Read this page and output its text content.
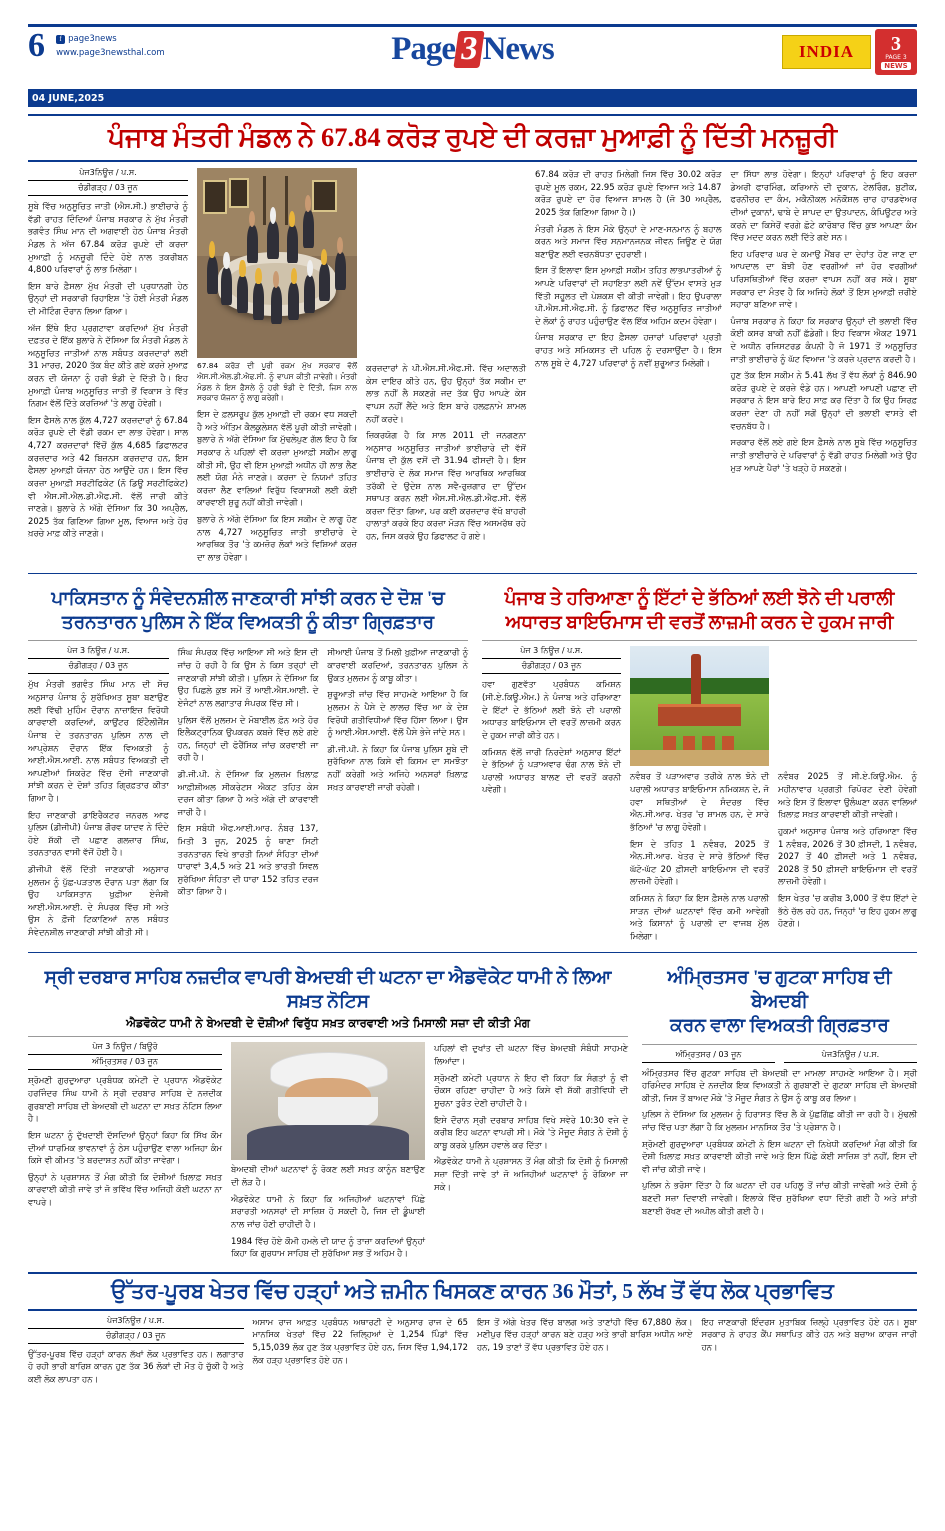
6	f page3news
www.page3newsthal.com	Page 3 News	INDIA	3
PAGE 3
NEWS
04 JUNE,2025
ਪੰਜਾਬ ਮੰਤਰੀ ਮੰਡਲ ਨੇ 67.84 ਕਰੋੜ ਰੁਪਏ ਦੀ ਕਰਜ਼ਾ ਮੁਆਫ਼ੀ ਨੂੰ ਦਿੱਤੀ ਮਨਜ਼ੂਰੀ
ਪੇਜ3ਨਿਊਜ਼ / ਪ.ਸ.
ਚੰਡੀਗੜ੍ਹ / 03 ਜੂਨ

ਸੂਬੇ ਵਿੱਚ ਅਨੁਸੂਚਿਤ ਜਾਤੀ (ਐਸ.ਸੀ.) ਭਾਈਚਾਰੇ ਨੂੰ ਵੱਡੀ ਰਾਹਤ ਦਿੰਦਿਆਂ ਪੰਜਾਬ ਸਰਕਾਰ ਨੇ ਮੁੱਖ ਮੰਤਰੀ ਭਗਵੰਤ ਸਿੰਘ ਮਾਨ ਦੀ ਅਗਵਾਈ ਹੇਠ ਪੰਜਾਬ ਮੰਤਰੀ ਮੰਡਲ ਨੇ ਅੱਜ 67.84 ਕਰੋੜ ਰੁਪਏ ਦੀ ਕਰਜ਼ਾ ਮੁਆਫ਼ੀ ਨੂੰ ਮਨਜ਼ੂਰੀ ਦਿੰਦੇ ਹੋਏ ਨਾਲ ਤਕਰੀਬਨ 4,800 ਪਰਿਵਾਰਾਂ ਨੂੰ ਲਾਭ ਮਿਲੇਗਾ।

ਇਸ ਬਾਰੇ ਫ਼ੈਸਲਾ ਮੁੱਖ ਮੰਤਰੀ ਦੀ ਪ੍ਰਧਾਨਗੀ ਹੇਠ ਉਨ੍ਹਾਂ ਦੀ ਸਰਕਾਰੀ ਰਿਹਾਇਸ਼ 'ਤੇ ਹੋਈ ਮੰਤਰੀ ਮੰਡਲ ਦੀ ਮੀਟਿੰਗ ਦੌਰਾਨ ਲਿਆ ਗਿਆ।

ਅੱਜ ਇੱਥੇ ਇਹ ਪ੍ਰਗਟਾਵਾ ਕਰਦਿਆਂ ਮੁੱਖ ਮੰਤਰੀ ਦਫ਼ਤਰ ਦੇ ਇੱਕ ਬੁਲਾਰੇ ਨੇ ਦੱਸਿਆ ਕਿ ਮੰਤਰੀ ਮੰਡਲ ਨੇ ਅਨੁਸੂਚਿਤ ਜਾਤੀਆਂ ਨਾਲ ਸਬੰਧਤ ਕਰਜ਼ਦਾਰਾਂ ਲਈ 31 ਮਾਰਚ, 2020 ਤੱਕ ਬੰਦ ਕੀਤੇ ਗਏ ਕਰਜ਼ੇ ਮੁਆਫ਼ ਕਰਨ ਦੀ ਯੋਜਨਾ ਨੂੰ ਹਰੀ ਝੰਡੀ ਦੇ ਦਿੱਤੀ ਹੈ। ਇਹ ਮੁਆਫ਼ੀ ਪੰਜਾਬ ਅਨੁਸੂਚਿਤ ਜਾਤੀ ਭੌਂ ਵਿਕਾਸ ਤੇ ਵਿੱਤ ਨਿਗਮ ਵੱਲੋਂ ਦਿੱਤੇ ਕਰਜ਼ਿਆਂ 'ਤੇ ਲਾਗੂ ਹੋਵੇਗੀ।

ਇਸ ਫੈਸਲੇ ਨਾਲ ਕੁੱਲ 4,727 ਕਰਜ਼ਦਾਰਾਂ ਨੂੰ 67.84 ਕਰੋੜ ਰੁਪਏ ਦੀ ਵੱਡੀ ਰਕਮ ਦਾ ਲਾਭ ਹੋਵੇਗਾ। ਸਾਲ 4,727 ਕਰਜ਼ਦਾਰਾਂ ਵਿੱਚੋਂ ਕੁੱਲ 4,685 ਡਿਫਾਲਟਰ ਕਰਜ਼ਦਾਰ ਅਤੇ 42 ਬਿਜ਼ਨਸ ਕਰਜ਼ਦਾਰ ਹਨ, ਇਸ ਫੈਸਲਾ ਮੁਆਫ਼ੀ ਯੋਜਨਾ ਹੇਠ ਆਉਂਦੇ ਹਨ। ਇਸ ਵਿੱਚ ਕਰਜ਼ਾ ਮੁਆਫ਼ੀ ਸਰਟੀਫਿਕੇਟ (ਨੋ ਡਿਊ ਸਰਟੀਫਿਕੇਟ) ਵੀ ਐਸ.ਸੀ.ਐਲ.ਡੀ.ਐਫ.ਸੀ. ਵੱਲੋਂ ਜਾਰੀ ਕੀਤੇ ਜਾਣਗੇ। ਬੁਲਾਰੇ ਨੇ ਅੱਗੇ ਦੱਸਿਆ ਕਿ 30 ਅਪ੍ਰੈਲ, 2025 ਤੱਕ ਗਿਣਿਆ ਗਿਆ ਮੂਲ, ਵਿਆਜ ਅਤੇ ਹੋਰ ਖ਼ਰਚੇ ਮਾਫ਼ ਕੀਤੇ ਜਾਣਗੇ।

67.84 ਕਰੋੜ ਦੀ ਪੂਰੀ ਰਕਮ ਮੁੱਖ ਸਰਕਾਰ ਵੱਲੋਂ ਐਸ.ਸੀ.ਐਲ.ਡੀ.ਐਫ.ਸੀ. ਨੂੰ ਵਾਪਸ ਕੀਤੀ ਜਾਵੇਗੀ। ਮੰਤਰੀ ਮੰਡਲ ਨੇ ਇਸ ਫ਼ੈਸਲੇ ਨੂੰ ਹਰੀ ਝੰਡੀ ਦੇ ਦਿੱਤੀ, ਜਿਸ ਨਾਲ ਸਰਕਾਰ ਯੋਜਨਾ ਨੂੰ ਲਾਗੂ ਕਰੇਗੀ।

ਇਸ ਦੇ ਫ਼ਲਸਰੂਪ ਕੁੱਲ ਮੁਆਫ਼ੀ ਦੀ ਰਕਮ ਵਧ ਸਕਦੀ ਹੈ ਅਤੇ ਅੰਤਿਮ ਕੈਲਕੂਲੇਸ਼ਨ ਵੱਲੋਂ ਪੂਰੀ ਕੀਤੀ ਜਾਵੇਗੀ। ਬੁਲਾਰੇ ਨੇ ਅੱਗੇ ਦੱਸਿਆ ਕਿ ਮੁੱਢਲੇਪੁਣ ਗੱਲ ਇਹ ਹੈ ਕਿ ਸਰਕਾਰ ਨੇ ਪਹਿਲਾਂ ਵੀ ਕਰਜ਼ਾ ਮੁਆਫ਼ੀ ਸਕੀਮ ਲਾਗੂ ਕੀਤੀ ਸੀ, ਉਹ ਵੀ ਇਸ ਮੁਆਫ਼ੀ ਅਧੀਨ ਹੀ ਲਾਭ ਲੈਣ ਲਈ ਯੋਗ ਮੰਨੇ ਜਾਣਗੇ। ਕਰਜ਼ਾ ਦੇ ਨਿਯਮਾਂ ਤਹਿਤ ਕਰਜ਼ਾ ਲੈਣ ਵਾਲਿਆਂ ਵਿਰੁੱਧ ਵਿਕਾਸਕੀ ਲਈ ਕੋਈ ਕਾਰਵਾਈ ਸ਼ੁਰੂ ਨਹੀਂ ਕੀਤੀ ਜਾਵੇਗੀ।

ਬੁਲਾਰੇ ਨੇ ਅੱਗੇ ਦੱਸਿਆ ਕਿ ਇਸ ਸਕੀਮ ਦੇ ਲਾਗੂ ਹੋਣ ਨਾਲ 4,727 ਅਨੁਸੂਚਿਤ ਜਾਤੀ ਭਾਈਚਾਰੇ ਦੇ ਆਰਥਿਕ ਤੌਰ 'ਤੇ ਕਮਜ਼ੋਰ ਲੋਕਾਂ ਅਤੇ ਵਿਸ਼ਿਆਂ ਕਰਜ਼ ਦਾ ਲਾਭ ਹੋਵੇਗਾ।

ਕਰਜ਼ਦਾਰਾਂ ਨੇ ਪੀ.ਐਸ.ਸੀ.ਐਫ.ਸੀ. ਵਿੱਚ ਅਦਾਲਤੀ ਕੇਸ ਦਾਇਰ ਕੀਤੇ ਹਨ, ਉਹ ਉਨ੍ਹਾਂ ਤੱਕ ਸਕੀਮ ਦਾ ਲਾਭ ਨਹੀਂ ਲੈ ਸਕਣਗੇ ਜਦ ਤੱਕ ਉਹ ਆਪਣੇ ਕੇਸ ਵਾਪਸ ਨਹੀਂ ਲੈਂਦੇ ਅਤੇ ਇਸ ਬਾਰੇ ਹਲਫ਼ਨਾਮੇ ਸ਼ਾਮਲ ਨਹੀਂ ਕਰਦੇ।

ਜ਼ਿਕਰਯੋਗ ਹੈ ਕਿ ਸਾਲ 2011 ਦੀ ਜਨਗਣਨਾ ਅਨੁਸਾਰ ਅਨੁਸੂਚਿਤ ਜਾਤੀਆਂ ਭਾਈਚਾਰੇ ਦੀ ਵੱਸੋਂ ਪੰਜਾਬ ਦੀ ਕੁੱਲ ਵਸੋਂ ਦੀ 31.94 ਫੀਸਦੀ ਹੈ। ਇਸ ਭਾਈਚਾਰੇ ਦੇ ਲੋਕ ਸਮਾਜ ਵਿੱਚ ਆਰਥਿਕ ਆਰਥਿਕ ਤਰੱਕੀ ਦੇ ਉਦੇਸ਼ ਨਾਲ ਸਵੈ-ਰੁਜ਼ਗਾਰ ਦਾ ਉੱਦਮ ਸਥਾਪਤ ਕਰਨ ਲਈ ਐਸ.ਸੀ.ਐਲ.ਡੀ.ਐਫ.ਸੀ. ਵੱਲੋਂ ਕਰਜ਼ਾ ਦਿੱਤਾ ਗਿਆ, ਪਰ ਕਈ ਕਰਜ਼ਦਾਰ ਵੱਖੋ ਬਾਹਰੀ ਹਾਲਾਤਾਂ ਕਰਕੇ ਇਹ ਕਰਜ਼ਾ ਮੋੜਨ ਵਿੱਚ ਅਸਮਰੱਥ ਰਹੇ ਹਨ, ਜਿਸ ਕਰਕੇ ਉਹ ਡਿਫਾਲਟ ਹੋ ਗਏ।

67.84 ਕਰੋੜ ਦੀ ਰਾਹਤ ਮਿਲੇਗੀ ਜਿਸ ਵਿੱਚ 30.02 ਕਰੋੜ ਰੁਪਏ ਮੂਲ ਰਕਮ, 22.95 ਕਰੋੜ ਰੁਪਏ ਵਿਆਜ ਅਤੇ 14.87 ਕਰੋੜ ਰੁਪਏ ਦਾ ਹੋਰ ਵਿਆਜ ਸ਼ਾਮਲ ਹੈ (ਜੋ 30 ਅਪ੍ਰੈਲ, 2025 ਤੱਕ ਗਿਣਿਆ ਗਿਆ ਹੈ।)

ਮੰਤਰੀ ਮੰਡਲ ਨੇ ਇਸ ਮੌਕੇ ਉਨ੍ਹਾਂ ਦੇ ਮਾਣ-ਸਨਮਾਨ ਨੂੰ ਬਹਾਲ ਕਰਨ ਅਤੇ ਸਮਾਜ ਵਿੱਚ ਸਨਮਾਨਜਨਕ ਜੀਵਨ ਜਿਊਣ ਦੇ ਯੋਗ ਬਣਾਉਣ ਲਈ ਵਚਨਬੱਧਤਾ ਦੁਹਰਾਈ।

ਇਸ ਤੋਂ ਇਲਾਵਾ ਇਸ ਮੁਆਫ਼ੀ ਸਕੀਮ ਤਹਿਤ ਲਾਭਪਾਤਰੀਆਂ ਨੂੰ ਆਪਣੇ ਪਰਿਵਾਰਾਂ ਦੀ ਸਹਾਇਤਾ ਲਈ ਨਵੇਂ ਉੱਦਮ ਵਾਸਤੇ ਮੁੜ ਵਿੱਤੀ ਸਹੂਲਤ ਦੀ ਪੇਸ਼ਕਸ਼ ਵੀ ਕੀਤੀ ਜਾਵੇਗੀ। ਇਹ ਉਪਰਾਲਾ ਪੀ.ਐਸ.ਸੀ.ਐਫ.ਸੀ. ਨੂੰ ਡਿਫਾਲਟ ਵਿੱਚ ਅਨੁਸੂਚਿਤ ਜਾਤੀਆਂ ਦੇ ਲੋਕਾਂ ਨੂੰ ਰਾਹਤ ਪਹੁੰਚਾਉਣ ਵੱਲ ਇੱਕ ਅਹਿਮ ਕਦਮ ਹੋਵੇਗਾ।

ਪੰਜਾਬ ਸਰਕਾਰ ਦਾ ਇਹ ਫ਼ੈਸਲਾ ਹਜ਼ਾਰਾਂ ਪਰਿਵਾਰਾਂ ਪ੍ਰਤੀ ਰਾਹਤ ਅਤੇ ਸਮਿਕਸਤ ਦੀ ਪਹਿਲ ਨੂੰ ਦਰਸਾਉਂਦਾ ਹੈ। ਇਸ ਨਾਲ ਸੂਬੇ ਦੇ 4,727 ਪਰਿਵਾਰਾਂ ਨੂੰ ਨਵੀਂ ਸ਼ੁਰੂਆਤ ਮਿਲੇਗੀ।

ਦਾ ਸਿੱਧਾ ਲਾਭ ਹੋਵੇਗਾ। ਇਨ੍ਹਾਂ ਪਰਿਵਾਰਾਂ ਨੂੰ ਇਹ ਕਰਜ਼ਾ ਡੇਅਰੀ ਫਾਰਮਿੰਗ, ਕਰਿਆਨੇ ਦੀ ਦੁਕਾਨ, ਟੇਲਰਿੰਗ, ਬੁਟੀਕ, ਫਰਨੀਚਰ ਦਾ ਕੰਮ, ਮਕੈਨੀਕਲ ਮਨੋਕੌਸ਼ਲ ਚਾਰ ਹਾਰਡਵੇਅਰ ਦੀਆਂ ਦੁਕਾਨਾਂ, ਢਾਬੇ ਦੇ ਸ਼ਾਪਦ ਦਾ ਉਤਪਾਦਨ, ਕੰਪਿਊਟਰ ਅਤੇ ਕਰਨੇ ਦਾ ਕਿਸੇਰੋਂ ਵਰਗੇ ਛੋਟੇ ਕਾਰੋਬਾਰ ਵਿੱਚ ਕੁਝ ਆਪਣਾ ਕੰਮ ਵਿੱਚ ਮਦਦ ਕਰਨ ਲਈ ਦਿੱਤੇ ਗਏ ਸਨ।

ਇਹ ਪਰਿਵਾਰ ਘਰ ਦੇ ਕਮਾਉ ਮੈਂਬਰ ਦਾ ਦੇਹਾਂਤ ਹੋਣ ਜਾਣ ਦਾ ਆਪਦਾਲ ਦਾ ਬੋਝੀ ਹੋਣ ਵਰਗੀਆਂ ਜਾਂ ਹੋਰ ਵਰਗੀਆਂ ਪਰਿਸਥਿਤੀਆਂ ਵਿੱਚ ਕਰਜ਼ਾ ਵਾਪਸ ਨਹੀਂ ਕਰ ਸਕੇ। ਸੂਬਾ ਸਰਕਾਰ ਦਾ ਮੰਤਵ ਹੈ ਕਿ ਅਜਿਹੇ ਲੋਕਾਂ ਤੋਂ ਇਸ ਮੁਆਫ਼ੀ ਜ਼ਰੀਏ ਸਹਾਰਾ ਬਣਿਆ ਜਾਵੇ।

ਪੰਜਾਬ ਸਰਕਾਰ ਨੇ ਕਿਹਾ ਕਿ ਸਰਕਾਰ ਉਨ੍ਹਾਂ ਦੀ ਭਲਾਈ ਵਿੱਚ ਕੋਈ ਕਸਰ ਬਾਕੀ ਨਹੀਂ ਛੱਡੇਗੀ। ਇਹ ਵਿਕਾਸ ਐਕਟ 1971 ਦੇ ਅਧੀਨ ਰਜਿਸਟਰਡ ਕੰਪਨੀ ਹੈ ਜੋ 1971 ਤੋਂ ਅਨੁਸੂਚਿਤ ਜਾਤੀ ਭਾਈਚਾਰੇ ਨੂੰ ਘੱਟ ਵਿਆਜ 'ਤੇ ਕਰਜ਼ੇ ਪ੍ਰਦਾਨ ਕਰਦੀ ਹੈ।

ਹੁਣ ਤੱਕ ਇਸ ਸਕੀਮ ਨੇ 5.41 ਲੱਖ ਤੋਂ ਵੱਧ ਲੋਕਾਂ ਨੂੰ 846.90 ਕਰੋੜ ਰੁਪਏ ਦੇ ਕਰਜ਼ੇ ਵੰਡੇ ਹਨ। ਆਪਣੀ ਆਪਣੀ ਪਛਾਣ ਦੀ ਸਰਕਾਰ ਨੇ ਇਸ ਬਾਰੇ ਇਹ ਸਾਫ਼ ਕਰ ਦਿੱਤਾ ਹੈ ਕਿ ਉਹ ਸਿਰਫ਼ ਕਰਜ਼ਾ ਦੇਣਾ ਹੀ ਨਹੀਂ ਸਗੋਂ ਉਨ੍ਹਾਂ ਦੀ ਭਲਾਈ ਵਾਸਤੇ ਵੀ ਵਚਨਬੱਧ ਹੈ।

ਸਰਕਾਰ ਵੱਲੋਂ ਲਏ ਗਏ ਇਸ ਫ਼ੈਸਲੇ ਨਾਲ ਸੂਬੇ ਵਿੱਚ ਅਨੁਸੂਚਿਤ ਜਾਤੀ ਭਾਈਚਾਰੇ ਦੇ ਪਰਿਵਾਰਾਂ ਨੂੰ ਵੱਡੀ ਰਾਹਤ ਮਿਲੇਗੀ ਅਤੇ ਉਹ ਮੁੜ ਆਪਣੇ ਪੈਰਾਂ 'ਤੇ ਖੜ੍ਹੇ ਹੋ ਸਕਣਗੇ।

ਪਾਕਿਸਤਾਨ ਨੂੰ ਸੰਵੇਦਨਸ਼ੀਲ ਜਾਣਕਾਰੀ ਸਾਂਝੀ ਕਰਨ ਦੇ ਦੋਸ਼ 'ਚ
ਤਰਨਤਾਰਨ ਪੁਲਿਸ ਨੇ ਇੱਕ ਵਿਅਕਤੀ ਨੂੰ ਕੀਤਾ ਗ੍ਰਿਫ਼ਤਾਰ
ਪੇਜ 3 ਨਿਊਜ਼ / ਪ.ਸ.
ਚੰਡੀਗੜ੍ਹ / 03 ਜੂਨ

ਮੁੱਖ ਮੰਤਰੀ ਭਗਵੰਤ ਸਿੰਘ ਮਾਨ ਦੀ ਸੋਚ ਅਨੁਸਾਰ ਪੰਜਾਬ ਨੂੰ ਸੁਰੱਖਿਅਤ ਸੂਬਾ ਬਣਾਉਣ ਲਈ ਵਿੱਢੀ ਮੁਹਿੰਮ ਦੌਰਾਨ ਨਾਜ਼ਾਇਜ਼ ਵਿਰੋਧੀ ਕਾਰਵਾਈ ਕਰਦਿਆਂ, ਕਾਉਂਟਰ ਇੰਟੈਲੀਜੈਂਸ ਪੰਜਾਬ ਦੇ ਤਰਨਤਾਰਨ ਪੁਲਿਸ ਨਾਲ ਦੀ ਆਪ੍ਰੇਸ਼ਨ ਦੌਰਾਨ ਇੱਕ ਵਿਅਕਤੀ ਨੂੰ ਆਈ.ਐਸ.ਆਈ. ਨਾਲ ਸਬੰਧਤ ਵਿਅਕਤੀ ਦੀ ਆਪਣੀਆਂ ਸਿਕਰੇਟ ਵਿੱਚ ਦੱਸੀ ਜਾਣਕਾਰੀ ਸਾਂਝੀ ਕਰਨ ਦੇ ਦੋਸ਼ਾਂ ਤਹਿਤ ਗ੍ਰਿਫ਼ਤਾਰ ਕੀਤਾ ਗਿਆ ਹੈ।

ਇਹ ਜਾਣਕਾਰੀ ਡਾਇਰੈਕਟਰ ਜਨਰਲ ਆਫ ਪੁਲਿਸ (ਡੀਜੀਪੀ) ਪੰਜਾਬ ਗੌਰਵ ਯਾਦਵ ਨੇ ਦਿੰਦੇ ਹੋਏ ਸ਼ੱਕੀ ਦੀ ਪਛਾਣ ਗਲਜ਼ਾਰ ਸਿੰਘ, ਤਰਨਤਾਰਨ ਵਾਸੀ ਵੱਜੋਂ ਹੋਈ ਹੈ।

ਡੀਜੀਪੀ ਵੱਲੋਂ ਦਿੱਤੀ ਜਾਣਕਾਰੀ ਅਨੁਸਾਰ ਮੁਲਜ਼ਮ ਨੂੰ ਪੁੱਛ-ਪੜਤਾਲ ਦੌਰਾਨ ਪਤਾ ਲੱਗਾ ਕਿ ਉਹ ਪਾਕਿਸਤਾਨ ਖੁਫ਼ੀਆ ਏਜੰਸੀ ਆਈ.ਐਸ.ਆਈ. ਦੇ ਸੰਪਰਕ ਵਿੱਚ ਸੀ ਅਤੇ ਉਸ ਨੇ ਫ਼ੌਜੀ ਟਿਕਾਣਿਆਂ ਨਾਲ ਸਬੰਧਤ ਸੰਵੇਦਨਸ਼ੀਲ ਜਾਣਕਾਰੀ ਸਾਂਝੀ ਕੀਤੀ ਸੀ।

ਸਿੰਘ ਸੰਪਰਕ ਵਿੱਚ ਆਇਆ ਸੀ ਅਤੇ ਇਸ ਦੀ ਜਾਂਚ ਹੋ ਰਹੀ ਹੈ ਕਿ ਉਸ ਨੇ ਕਿਸ ਤਰ੍ਹਾਂ ਦੀ ਜਾਣਕਾਰੀ ਸਾਂਝੀ ਕੀਤੀ। ਪੁਲਿਸ ਨੇ ਦੱਸਿਆ ਕਿ ਉਹ ਪਿਛਲੇ ਕੁਝ ਸਮੇਂ ਤੋਂ ਆਈ.ਐਸ.ਆਈ. ਦੇ ਏਜੰਟਾਂ ਨਾਲ ਲਗਾਤਾਰ ਸੰਪਰਕ ਵਿੱਚ ਸੀ।

ਪੁਲਿਸ ਵੱਲੋਂ ਮੁਲਜ਼ਮ ਦੇ ਮੋਬਾਈਲ ਫ਼ੋਨ ਅਤੇ ਹੋਰ ਇਲੈਕਟ੍ਰਾਨਿਕ ਉਪਕਰਨ ਕਬਜ਼ੇ ਵਿੱਚ ਲਏ ਗਏ ਹਨ, ਜਿਨ੍ਹਾਂ ਦੀ ਫੋਰੈਂਸਿਕ ਜਾਂਚ ਕਰਵਾਈ ਜਾ ਰਹੀ ਹੈ।

ਡੀ.ਜੀ.ਪੀ. ਨੇ ਦੱਸਿਆ ਕਿ ਮੁਲਜ਼ਮ ਖ਼ਿਲਾਫ਼ ਆਫ਼ੀਸ਼ੀਅਲ ਸੀਕਰੇਟਸ ਐਕਟ ਤਹਿਤ ਕੇਸ ਦਰਜ ਕੀਤਾ ਗਿਆ ਹੈ ਅਤੇ ਅੱਗੇ ਦੀ ਕਾਰਵਾਈ ਜਾਰੀ ਹੈ।

ਇਸ ਸਬੰਧੀ ਐਫ.ਆਈ.ਆਰ. ਨੰਬਰ 137, ਮਿਤੀ 3 ਜੂਨ, 2025 ਨੂੰ ਥਾਣਾ ਸਿਟੀ ਤਰਨਤਾਰਨ ਵਿਖੇ ਭਾਰਤੀ ਨਿਆਂ ਸੰਹਿਤਾ ਦੀਆਂ ਧਾਰਾਵਾਂ 3,4,5 ਅਤੇ 21 ਅਤੇ ਭਾਰਤੀ ਸਿਵਲ ਸੁਰੱਖਿਆ ਸੰਹਿਤਾ ਦੀ ਧਾਰਾ 152 ਤਹਿਤ ਦਰਜ ਕੀਤਾ ਗਿਆ ਹੈ।

ਸੀਆਈ ਪੰਜਾਬ ਤੋਂ ਮਿਲੀ ਖ਼ੁਫ਼ੀਆ ਜਾਣਕਾਰੀ ਨੂੰ ਕਾਰਵਾਈ ਕਰਦਿਆਂ, ਤਰਨਤਾਰਨ ਪੁਲਿਸ ਨੇ ਉਕਤ ਮੁਲਜ਼ਮ ਨੂੰ ਕਾਬੂ ਕੀਤਾ।

ਸ਼ੁਰੂਆਤੀ ਜਾਂਚ ਵਿੱਚ ਸਾਹਮਣੇ ਆਇਆ ਹੈ ਕਿ ਮੁਲਜ਼ਮ ਨੇ ਪੈਸੇ ਦੇ ਲਾਲਚ ਵਿੱਚ ਆ ਕੇ ਦੇਸ਼ ਵਿਰੋਧੀ ਗਤੀਵਿਧੀਆਂ ਵਿੱਚ ਹਿੱਸਾ ਲਿਆ। ਉਸ ਨੂੰ ਆਈ.ਐਸ.ਆਈ. ਵੱਲੋਂ ਪੈਸੇ ਭੇਜੇ ਜਾਂਦੇ ਸਨ।

ਡੀ.ਜੀ.ਪੀ. ਨੇ ਕਿਹਾ ਕਿ ਪੰਜਾਬ ਪੁਲਿਸ ਸੂਬੇ ਦੀ ਸੁਰੱਖਿਆ ਨਾਲ ਕਿਸੇ ਵੀ ਕਿਸਮ ਦਾ ਸਮਝੌਤਾ ਨਹੀਂ ਕਰੇਗੀ ਅਤੇ ਅਜਿਹੇ ਅਨਸਰਾਂ ਖ਼ਿਲਾਫ਼ ਸਖ਼ਤ ਕਾਰਵਾਈ ਜਾਰੀ ਰਹੇਗੀ।

ਪੰਜਾਬ ਤੇ ਹਰਿਆਣਾ ਨੂੰ ਇੱਟਾਂ ਦੇ ਭੱਠਿਆਂ ਲਈ ਝੋਨੇ ਦੀ ਪਰਾਲੀ
ਅਧਾਰਤ ਬਾਇਓਮਾਸ ਦੀ ਵਰਤੋਂ ਲਾਜ਼ਮੀ ਕਰਨ ਦੇ ਹੁਕਮ ਜਾਰੀ
ਪੇਜ 3 ਨਿਊਜ਼ / ਪ.ਸ.
ਚੰਡੀਗੜ੍ਹ / 03 ਜੂਨ

ਹਵਾ ਗੁਣਵੱਤਾ ਪ੍ਰਬੰਧਨ ਕਮਿਸ਼ਨ (ਸੀ.ਏ.ਕਿਊ.ਐਮ.) ਨੇ ਪੰਜਾਬ ਅਤੇ ਹਰਿਆਣਾ ਦੇ ਇੱਟਾਂ ਦੇ ਭੱਠਿਆਂ ਲਈ ਝੋਨੇ ਦੀ ਪਰਾਲੀ ਅਧਾਰਤ ਬਾਇਓਮਾਸ ਦੀ ਵਰਤੋਂ ਲਾਜ਼ਮੀ ਕਰਨ ਦੇ ਹੁਕਮ ਜਾਰੀ ਕੀਤੇ ਹਨ।

ਕਮਿਸ਼ਨ ਵੱਲੋਂ ਜਾਰੀ ਨਿਰਦੇਸ਼ਾਂ ਅਨੁਸਾਰ ਇੱਟਾਂ ਦੇ ਭੱਠਿਆਂ ਨੂੰ ਪੜਾਅਵਾਰ ਢੰਗ ਨਾਲ ਝੋਨੇ ਦੀ ਪਰਾਲੀ ਅਧਾਰਤ ਬਾਲਣ ਦੀ ਵਰਤੋਂ ਕਰਨੀ ਪਵੇਗੀ।

ਨਵੰਬਰ ਤੋਂ ਪੜਾਅਵਾਰ ਤਰੀਕੇ ਨਾਲ ਝੋਨੇ ਦੀ ਪਰਾਲੀ ਅਧਾਰਤ ਬਾਇਓਮਾਸ ਨਮਿਕਸ਼ਨ ਦੇ, ਜੋ ਹਵਾ ਸਥਿਤੀਆਂ ਦੇ ਸੰਦਰਭ ਵਿੱਚ ਐਨ.ਸੀ.ਆਰ. ਖੇਤਰ 'ਚ ਸ਼ਾਮਲ ਹਨ, ਦੇ ਸਾਰੇ ਭੱਠਿਆਂ 'ਚ ਲਾਗੂ ਹੋਵੇਗੀ।

ਇਸ ਦੇ ਤਹਿਤ 1 ਨਵੰਬਰ, 2025 ਤੋਂ ਐਨ.ਸੀ.ਆਰ. ਖੇਤਰ ਦੇ ਸਾਰੇ ਭੱਠਿਆਂ ਵਿੱਚ ਘੱਟੋ-ਘੱਟ 20 ਫ਼ੀਸਦੀ ਬਾਇਓਮਾਸ ਦੀ ਵਰਤੋਂ ਲਾਜ਼ਮੀ ਹੋਵੇਗੀ।

ਕਮਿਸ਼ਨ ਨੇ ਕਿਹਾ ਕਿ ਇਸ ਫ਼ੈਸਲੇ ਨਾਲ ਪਰਾਲੀ ਸਾੜਨ ਦੀਆਂ ਘਟਨਾਵਾਂ ਵਿੱਚ ਕਮੀ ਆਵੇਗੀ ਅਤੇ ਕਿਸਾਨਾਂ ਨੂੰ ਪਰਾਲੀ ਦਾ ਵਾਜਬ ਮੁੱਲ ਮਿਲੇਗਾ।

ਨਵੰਬਰ 2025 ਤੋਂ ਸੀ.ਏ.ਕਿਊ.ਐਮ. ਨੂੰ ਮਹੀਨਾਵਾਰ ਪ੍ਰਗਤੀ ਰਿਪੋਰਟ ਦੇਣੀ ਹੋਵੇਗੀ ਅਤੇ ਇਸ ਤੋਂ ਇਲਾਵਾ ਉਲੰਘਣਾ ਕਰਨ ਵਾਲਿਆਂ ਖ਼ਿਲਾਫ਼ ਸਖ਼ਤ ਕਾਰਵਾਈ ਕੀਤੀ ਜਾਵੇਗੀ।

ਹੁਕਮਾਂ ਅਨੁਸਾਰ ਪੰਜਾਬ ਅਤੇ ਹਰਿਆਣਾ ਵਿੱਚ 1 ਨਵੰਬਰ, 2026 ਤੋਂ 30 ਫ਼ੀਸਦੀ, 1 ਨਵੰਬਰ, 2027 ਤੋਂ 40 ਫ਼ੀਸਦੀ ਅਤੇ 1 ਨਵੰਬਰ, 2028 ਤੋਂ 50 ਫ਼ੀਸਦੀ ਬਾਇਓਮਾਸ ਦੀ ਵਰਤੋਂ ਲਾਜ਼ਮੀ ਹੋਵੇਗੀ।

ਇਸ ਖੇਤਰ 'ਚ ਕਰੀਬ 3,000 ਤੋਂ ਵੱਧ ਇੱਟਾਂ ਦੇ ਭੱਠੇ ਚੱਲ ਰਹੇ ਹਨ, ਜਿਨ੍ਹਾਂ 'ਚ ਇਹ ਹੁਕਮ ਲਾਗੂ ਹੋਣਗੇ।

ਸ੍ਰੀ ਦਰਬਾਰ ਸਾਹਿਬ ਨਜ਼ਦੀਕ ਵਾਪਰੀ ਬੇਅਦਬੀ ਦੀ ਘਟਨਾ ਦਾ ਐਡਵੋਕੇਟ ਧਾਮੀ ਨੇ ਲਿਆ ਸਖ਼ਤ ਨੋਟਿਸ
ਐਡਵੋਕੇਟ ਧਾਮੀ ਨੇ ਬੇਅਦਬੀ ਦੇ ਦੋਸ਼ੀਆਂ ਵਿਰੁੱਧ ਸਖ਼ਤ ਕਾਰਵਾਈ ਅਤੇ ਮਿਸਾਲੀ ਸਜ਼ਾ ਦੀ ਕੀਤੀ ਮੰਗ
ਪੇਜ 3 ਨਿਊਜ਼ / ਬਿਊਰੋ
ਅੰਮ੍ਰਿਤਸਰ / 03 ਜੂਨ

ਸ਼੍ਰੋਮਣੀ ਗੁਰਦੁਆਰਾ ਪ੍ਰਬੰਧਕ ਕਮੇਟੀ ਦੇ ਪ੍ਰਧਾਨ ਐਡਵੋਕੇਟ ਹਰਜਿੰਦਰ ਸਿੰਘ ਧਾਮੀ ਨੇ ਸ੍ਰੀ ਦਰਬਾਰ ਸਾਹਿਬ ਦੇ ਨਜ਼ਦੀਕ ਗੁਰਬਾਣੀ ਸਾਹਿਬ ਦੀ ਬੇਅਦਬੀ ਦੀ ਘਟਨਾ ਦਾ ਸਖ਼ਤ ਨੋਟਿਸ ਲਿਆ ਹੈ।

ਇਸ ਘਟਨਾ ਨੂੰ ਦੁੱਖਦਾਈ ਦੱਸਦਿਆਂ ਉਨ੍ਹਾਂ ਕਿਹਾ ਕਿ ਸਿੱਖ ਕੌਮ ਦੀਆਂ ਧਾਰਮਿਕ ਭਾਵਨਾਵਾਂ ਨੂੰ ਠੇਸ ਪਹੁੰਚਾਉਣ ਵਾਲਾ ਅਜਿਹਾ ਕੰਮ ਕਿਸੇ ਵੀ ਕੀਮਤ 'ਤੇ ਬਰਦਾਸ਼ਤ ਨਹੀਂ ਕੀਤਾ ਜਾਵੇਗਾ।

ਉਨ੍ਹਾਂ ਨੇ ਪ੍ਰਸ਼ਾਸਨ ਤੋਂ ਮੰਗ ਕੀਤੀ ਕਿ ਦੋਸ਼ੀਆਂ ਖ਼ਿਲਾਫ਼ ਸਖ਼ਤ ਕਾਰਵਾਈ ਕੀਤੀ ਜਾਵੇ ਤਾਂ ਜੋ ਭਵਿੱਖ ਵਿੱਚ ਅਜਿਹੀ ਕੋਈ ਘਟਨਾ ਨਾ ਵਾਪਰੇ।

ਬੇਅਦਬੀ ਦੀਆਂ ਘਟਨਾਵਾਂ ਨੂੰ ਰੋਕਣ ਲਈ ਸਖ਼ਤ ਕਾਨੂੰਨ ਬਣਾਉਣ ਦੀ ਲੋੜ ਹੈ।

ਐਡਵੋਕੇਟ ਧਾਮੀ ਨੇ ਕਿਹਾ ਕਿ ਅਜਿਹੀਆਂ ਘਟਨਾਵਾਂ ਪਿੱਛੇ ਸ਼ਰਾਰਤੀ ਅਨਸਰਾਂ ਦੀ ਸਾਜ਼ਿਸ਼ ਹੋ ਸਕਦੀ ਹੈ, ਜਿਸ ਦੀ ਡੂੰਘਾਈ ਨਾਲ ਜਾਂਚ ਹੋਣੀ ਚਾਹੀਦੀ ਹੈ।

1984 ਵਿੱਚ ਹੋਏ ਕੌਮੀ ਹਮਲੇ ਦੀ ਯਾਦ ਨੂੰ ਤਾਜ਼ਾ ਕਰਦਿਆਂ ਉਨ੍ਹਾਂ ਕਿਹਾ ਕਿ ਗੁਰਧਾਮ ਸਾਹਿਬ ਦੀ ਸੁਰੱਖਿਆ ਸਭ ਤੋਂ ਅਹਿਮ ਹੈ।

ਪਹਿਲਾਂ ਵੀ ਦੁਖਾਂਤ ਦੀ ਘਟਨਾ ਵਿੱਚ ਬੇਅਦਬੀ ਸੰਬੰਧੀ ਸਾਹਮਣੇ ਲਿਆਂਦਾ।

ਸ਼੍ਰੋਮਣੀ ਕਮੇਟੀ ਪ੍ਰਧਾਨ ਨੇ ਇਹ ਵੀ ਕਿਹਾ ਕਿ ਸੰਗਤਾਂ ਨੂੰ ਵੀ ਚੌਕਸ ਰਹਿਣਾ ਚਾਹੀਦਾ ਹੈ ਅਤੇ ਕਿਸੇ ਵੀ ਸ਼ੱਕੀ ਗਤੀਵਿਧੀ ਦੀ ਸੂਚਨਾ ਤੁਰੰਤ ਦੇਣੀ ਚਾਹੀਦੀ ਹੈ।

ਇਸੇ ਦੌਰਾਨ ਸ੍ਰੀ ਦਰਬਾਰ ਸਾਹਿਬ ਵਿਖੇ ਸਵੇਰੇ 10:30 ਵਜੇ ਦੇ ਕਰੀਬ ਇਹ ਘਟਨਾ ਵਾਪਰੀ ਸੀ। ਮੌਕੇ 'ਤੇ ਮੌਜੂਦ ਸੰਗਤ ਨੇ ਦੋਸ਼ੀ ਨੂੰ ਕਾਬੂ ਕਰਕੇ ਪੁਲਿਸ ਹਵਾਲੇ ਕਰ ਦਿੱਤਾ।

ਐਡਵੋਕੇਟ ਧਾਮੀ ਨੇ ਪ੍ਰਸ਼ਾਸਨ ਤੋਂ ਮੰਗ ਕੀਤੀ ਕਿ ਦੋਸ਼ੀ ਨੂੰ ਮਿਸਾਲੀ ਸਜ਼ਾ ਦਿੱਤੀ ਜਾਵੇ ਤਾਂ ਜੋ ਅਜਿਹੀਆਂ ਘਟਨਾਵਾਂ ਨੂੰ ਰੋਕਿਆ ਜਾ ਸਕੇ।

ਅੰਮ੍ਰਿਤਸਰ 'ਚ ਗੁਟਕਾ ਸਾਹਿਬ ਦੀ ਬੇਅਦਬੀ
ਕਰਨ ਵਾਲਾ ਵਿਅਕਤੀ ਗ੍ਰਿਫ਼ਤਾਰ
ਅੰਮ੍ਰਿਤਸਰ / 03 ਜੂਨ	ਪੇਜ3ਨਿਊਜ਼ / ਪ.ਸ.

ਅੰਮ੍ਰਿਤਸਰ ਵਿੱਚ ਗੁਟਕਾ ਸਾਹਿਬ ਦੀ ਬੇਅਦਬੀ ਦਾ ਮਾਮਲਾ ਸਾਹਮਣੇ ਆਇਆ ਹੈ। ਸ੍ਰੀ ਹਰਿਮੰਦਰ ਸਾਹਿਬ ਦੇ ਨਜ਼ਦੀਕ ਇਕ ਵਿਅਕਤੀ ਨੇ ਗੁਰਬਾਣੀ ਦੇ ਗੁਟਕਾ ਸਾਹਿਬ ਦੀ ਬੇਅਦਬੀ ਕੀਤੀ, ਜਿਸ ਤੋਂ ਬਾਅਦ ਮੌਕੇ 'ਤੇ ਮੌਜੂਦ ਸੰਗਤ ਨੇ ਉਸ ਨੂੰ ਕਾਬੂ ਕਰ ਲਿਆ।

ਪੁਲਿਸ ਨੇ ਦੱਸਿਆ ਕਿ ਮੁਲਜ਼ਮ ਨੂੰ ਹਿਰਾਸਤ ਵਿੱਚ ਲੈ ਕੇ ਪੁੱਛਗਿੱਛ ਕੀਤੀ ਜਾ ਰਹੀ ਹੈ। ਮੁੱਢਲੀ ਜਾਂਚ ਵਿੱਚ ਪਤਾ ਲੱਗਾ ਹੈ ਕਿ ਮੁਲਜ਼ਮ ਮਾਨਸਿਕ ਤੌਰ 'ਤੇ ਪ੍ਰੇਸ਼ਾਨ ਹੈ।

ਸ਼੍ਰੋਮਣੀ ਗੁਰਦੁਆਰਾ ਪ੍ਰਬੰਧਕ ਕਮੇਟੀ ਨੇ ਇਸ ਘਟਨਾ ਦੀ ਨਿਖੇਧੀ ਕਰਦਿਆਂ ਮੰਗ ਕੀਤੀ ਕਿ ਦੋਸ਼ੀ ਖ਼ਿਲਾਫ਼ ਸਖ਼ਤ ਕਾਰਵਾਈ ਕੀਤੀ ਜਾਵੇ ਅਤੇ ਇਸ ਪਿੱਛੇ ਕੋਈ ਸਾਜ਼ਿਸ਼ ਤਾਂ ਨਹੀਂ, ਇਸ ਦੀ ਵੀ ਜਾਂਚ ਕੀਤੀ ਜਾਵੇ।

ਪੁਲਿਸ ਨੇ ਭਰੋਸਾ ਦਿੱਤਾ ਹੈ ਕਿ ਘਟਨਾ ਦੀ ਹਰ ਪਹਿਲੂ ਤੋਂ ਜਾਂਚ ਕੀਤੀ ਜਾਵੇਗੀ ਅਤੇ ਦੋਸ਼ੀ ਨੂੰ ਬਣਦੀ ਸਜ਼ਾ ਦਿਵਾਈ ਜਾਵੇਗੀ। ਇਲਾਕੇ ਵਿੱਚ ਸੁਰੱਖਿਆ ਵਧਾ ਦਿੱਤੀ ਗਈ ਹੈ ਅਤੇ ਸ਼ਾਂਤੀ ਬਣਾਈ ਰੱਖਣ ਦੀ ਅਪੀਲ ਕੀਤੀ ਗਈ ਹੈ।

ਉੱਤਰ-ਪੂਰਬ ਖੇਤਰ ਵਿੱਚ ਹੜ੍ਹਾਂ ਅਤੇ ਜ਼ਮੀਨ ਖਿਸਕਣ ਕਾਰਨ 36 ਮੌਤਾਂ, 5 ਲੱਖ ਤੋਂ ਵੱਧ ਲੋਕ ਪ੍ਰਭਾਵਿਤ
ਪੇਜ3ਨਿਊਜ਼ / ਪ.ਸ.
ਚੰਡੀਗੜ੍ਹ / 03 ਜੂਨ

ਉੱਤਰ-ਪੂਰਬ ਵਿੱਚ ਹੜ੍ਹਾਂ ਕਾਰਨ ਲੱਖਾਂ ਲੋਕ ਪ੍ਰਭਾਵਿਤ ਹਨ। ਲਗਾਤਾਰ ਹੋ ਰਹੀ ਭਾਰੀ ਬਾਰਿਸ਼ ਕਾਰਨ ਹੁਣ ਤੱਕ 36 ਲੋਕਾਂ ਦੀ ਮੌਤ ਹੋ ਚੁੱਕੀ ਹੈ ਅਤੇ ਕਈ ਲੋਕ ਲਾਪਤਾ ਹਨ।

ਅਸਾਮ ਰਾਜ ਆਫ਼ਤ ਪ੍ਰਬੰਧਨ ਅਥਾਰਟੀ ਦੇ ਅਨੁਸਾਰ ਰਾਜ ਦੇ 65 ਮਾਨਸਿਕ ਖੇਤਰਾਂ ਵਿੱਚ 22 ਜ਼ਿਲ੍ਹਿਆਂ ਦੇ 1,254 ਪਿੰਡਾਂ ਵਿੱਚ 5,15,039 ਲੋਕ ਹੁਣ ਤੱਕ ਪ੍ਰਭਾਵਿਤ ਹੋਏ ਹਨ, ਜਿਸ ਵਿੱਚ 1,94,172 ਲੋਕ ਹੜ੍ਹ ਪ੍ਰਭਾਵਿਤ ਹੋਏ ਹਨ।

ਇਸ ਤੋਂ ਅੱਗੇ ਖੇਤਰ ਵਿੱਚ ਬਾਲਗ ਅਤੇ ਤਾਣਾਂਹੀ ਵਿੱਚ 67,880 ਲੋਕ। ਮਣੀਪੁਰ ਵਿੱਚ ਹੜ੍ਹਾਂ ਕਾਰਨ ਬਣੇ ਹੜ੍ਹ ਅਤੇ ਭਾਰੀ ਬਾਰਿਸ਼ ਅਧੀਨ ਆਏ ਹਨ, 19 ਤਾਣਾਂ ਤੋਂ ਵੱਧ ਪ੍ਰਭਾਵਿਤ ਹੋਏ ਹਨ।

ਇਹ ਜਾਣਕਾਰੀ ਇੰਦਰਸ ਮੁਤਾਬਿਕ ਜ਼ਿਲ੍ਹੇ ਪ੍ਰਭਾਵਿਤ ਹੋਏ ਹਨ। ਸੂਬਾ ਸਰਕਾਰ ਨੇ ਰਾਹਤ ਕੈਂਪ ਸਥਾਪਿਤ ਕੀਤੇ ਹਨ ਅਤੇ ਬਚਾਅ ਕਾਰਜ ਜਾਰੀ ਹਨ।
